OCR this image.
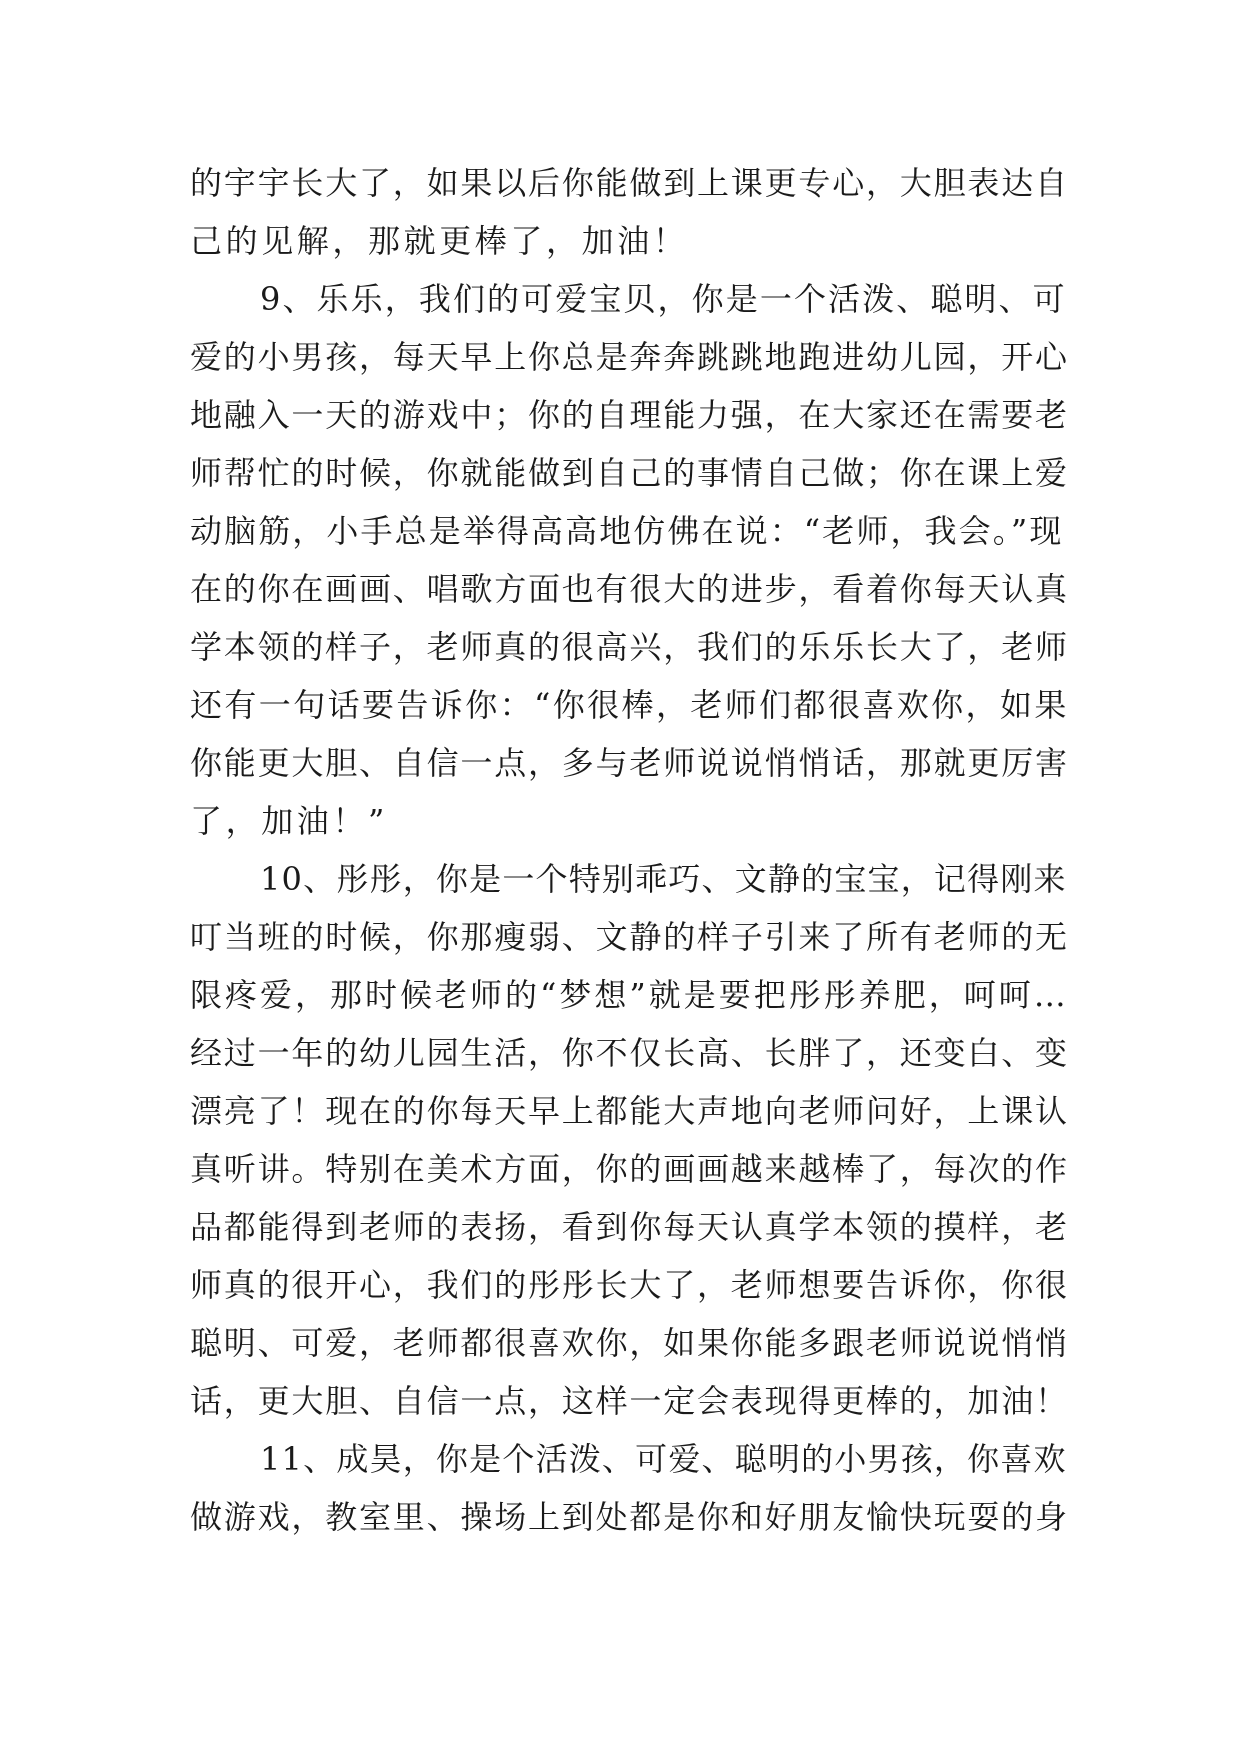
的宇宇长大了，如果以后你能做到上课更专心，大胆表达自
己的见解，那就更棒了，加油！
9、乐乐，我们的可爱宝贝，你是一个活泼、聪明、可
爱的小男孩，每天早上你总是奔奔跳跳地跑进幼儿园，开心
地融入一天的游戏中；你的自理能力强，在大家还在需要老
师帮忙的时候，你就能做到自己的事情自己做；你在课上爱
动脑筋，小手总是举得高高地仿佛在说：“老师，我会。”现
在的你在画画、唱歌方面也有很大的进步，看着你每天认真
学本领的样子，老师真的很高兴，我们的乐乐长大了，老师
还有一句话要告诉你：“你很棒，老师们都很喜欢你，如果
你能更大胆、自信一点，多与老师说说悄悄话，那就更厉害
了，加油！”
10、彤彤，你是一个特别乖巧、文静的宝宝，记得刚来
叮当班的时候，你那瘦弱、文静的样子引来了所有老师的无
限疼爱，那时候老师的“梦想”就是要把彤彤养肥，呵呵…
经过一年的幼儿园生活，你不仅长高、长胖了，还变白、变
漂亮了！现在的你每天早上都能大声地向老师问好，上课认
真听讲。特别在美术方面，你的画画越来越棒了，每次的作
品都能得到老师的表扬，看到你每天认真学本领的摸样，老
师真的很开心，我们的彤彤长大了，老师想要告诉你，你很
聪明、可爱，老师都很喜欢你，如果你能多跟老师说说悄悄
话，更大胆、自信一点，这样一定会表现得更棒的，加油！
11、成昊，你是个活泼、可爱、聪明的小男孩，你喜欢
做游戏，教室里、操场上到处都是你和好朋友愉快玩耍的身
